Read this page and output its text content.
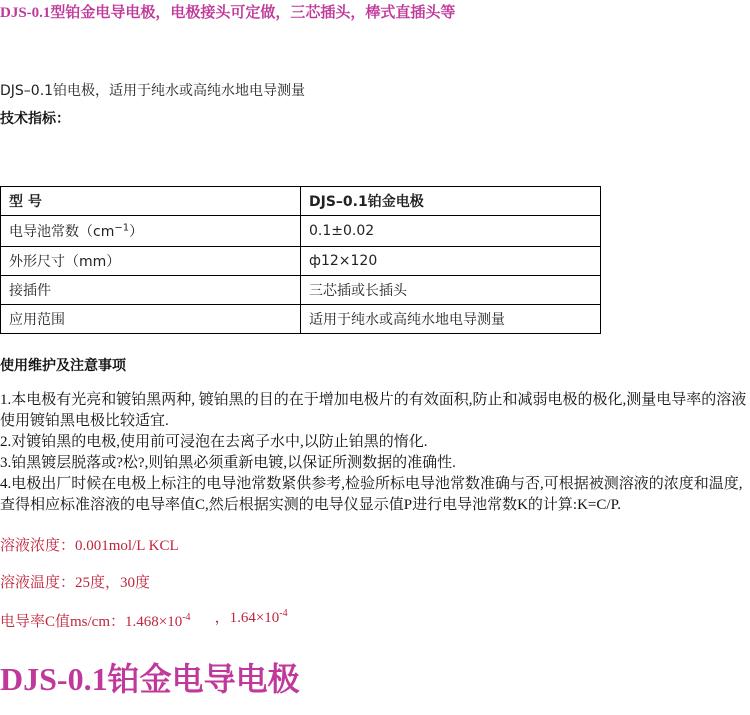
DJS-0.1型铂金电导电极，电极接头可定做，三芯插头，棒式直插头等
DJS–0.1铂电极，适用于纯水或高纯水地电导测量
技术指标：
型 号	DJS–0.1铂金电极
电导池常数$(cm^{-1})$	0.1±0.02
外形尺寸（mm）	ф12×120
接插件	三芯插或长插头
应用范围	适用于纯水或高纯水地电导测量
使用维护及注意事项

1.本电极有光亮和镀铂黑两种, 镀铂黑的目的在于增加电极片的有效面积,防止和减弱电极的极化,测量电导率的溶液使用镀铂黑电极比较适宜.

2.对镀铂黑的电极,使用前可浸泡在去离子水中,以防止铂黑的惰化.

3.铂黑镀层脱落或?松?,则铂黑必须重新电镀,以保证所测数据的准确性.

4.电极出厂时候在电极上标注的电导池常数紧供参考,检验所标电导池常数准确与否,可根据被测溶液的浓度和温度,查得相应标准溶液的电导率值C,然后根据实测的电导仪显示值P进行电导池常数K的计算:K=C/P.

溶液浓度：0.001mol/L KCL
溶液温度：25度，30度
电导率C值ms/cm：$1.468\times 10^{-4}$ ，$1.64\times 10^{-4}$
DJS-0.1铂金电导电极
